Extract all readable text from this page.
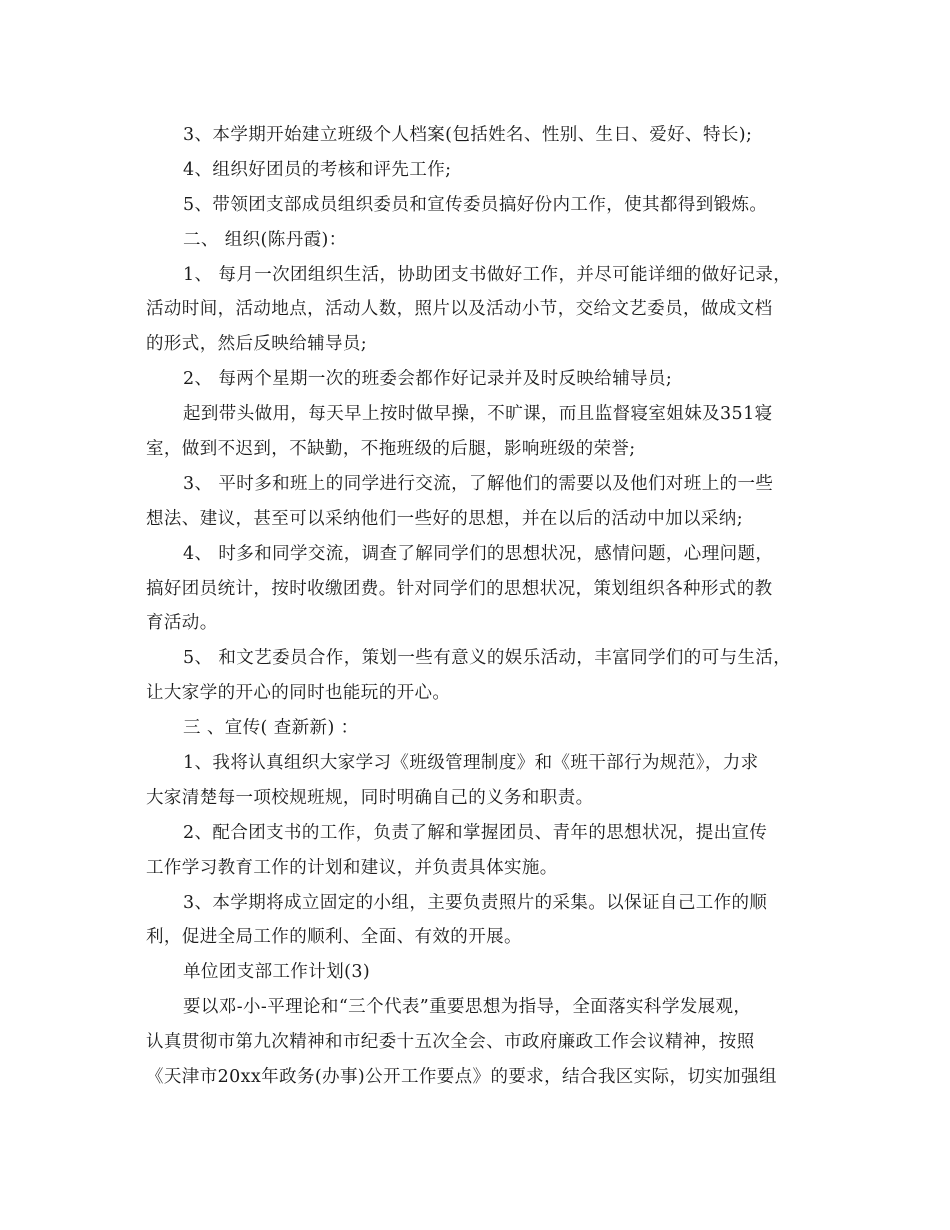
3、本学期开始建立班级个人档案(包括姓名、性别、生日、爱好、特长);
4、组织好团员的考核和评先工作;
5、带领团支部成员组织委员和宣传委员搞好份内工作，使其都得到锻炼。
二、 组织(陈丹霞)：
1、 每月一次团组织生活，协助团支书做好工作，并尽可能详细的做好记录，
活动时间，活动地点，活动人数，照片以及活动小节，交给文艺委员，做成文档
的形式，然后反映给辅导员;
2、 每两个星期一次的班委会都作好记录并及时反映给辅导员;
起到带头做用，每天早上按时做早操，不旷课，而且监督寝室姐妹及351寝
室，做到不迟到，不缺勤，不拖班级的后腿，影响班级的荣誉;
3、 平时多和班上的同学进行交流，了解他们的需要以及他们对班上的一些
想法、建议，甚至可以采纳他们一些好的思想，并在以后的活动中加以采纳;
4、 时多和同学交流，调查了解同学们的思想状况，感情问题，心理问题，
搞好团员统计，按时收缴团费。针对同学们的思想状况，策划组织各种形式的教
育活动。
5、 和文艺委员合作，策划一些有意义的娱乐活动，丰富同学们的可与生活，
让大家学的开心的同时也能玩的开心。
三 、宣传( 查新新) ：
1、我将认真组织大家学习《班级管理制度》和《班干部行为规范》，力求
大家清楚每一项校规班规，同时明确自己的义务和职责。
2、配合团支书的工作，负责了解和掌握团员、青年的思想状况，提出宣传
工作学习教育工作的计划和建议，并负责具体实施。
3、本学期将成立固定的小组，主要负责照片的采集。以保证自己工作的顺
利，促进全局工作的顺利、全面、有效的开展。
单位团支部工作计划(3)
要以邓-小-平理论和“三个代表”重要思想为指导，全面落实科学发展观，
认真贯彻市第九次精神和市纪委十五次全会、市政府廉政工作会议精神，按照
《天津市20xx年政务(办事)公开工作要点》的要求，结合我区实际，切实加强组
